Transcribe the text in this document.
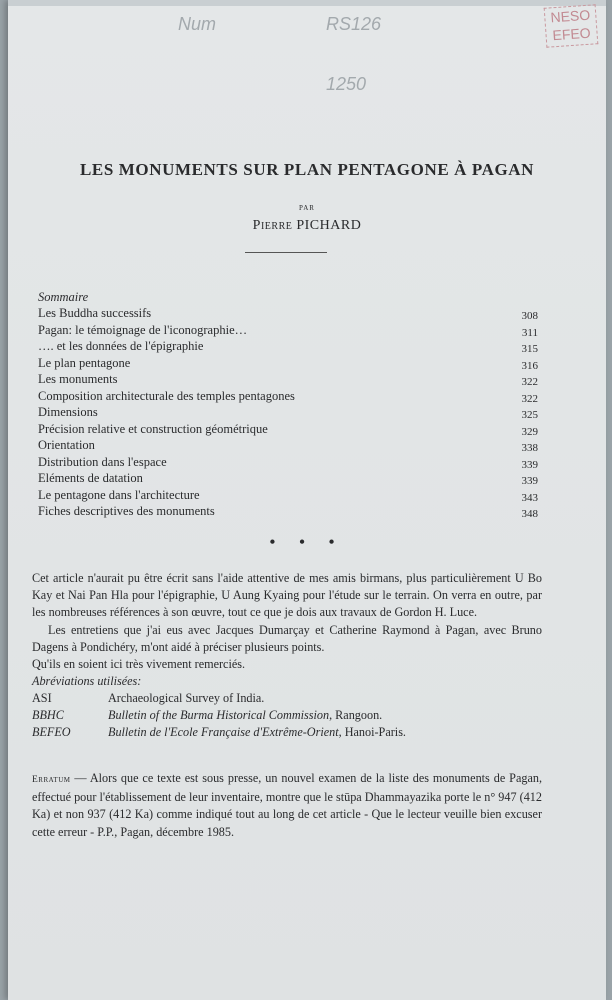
Num	RS126
1250
NESO
EFEO
LES MONUMENTS SUR PLAN PENTAGONE À PAGAN
PAR
Pierre PICHARD
Sommaire
Les Buddha successifs	308
Pagan: le témoignage de l'iconographie…	311
…. et les données de l'épigraphie	315
Le plan pentagone	316
Les monuments	322
Composition architecturale des temples pentagones	322
Dimensions	325
Précision relative et construction géométrique	329
Orientation	338
Distribution dans l'espace	339
Eléments de datation	339
Le pentagone dans l'architecture	343
Fiches descriptives des monuments	348
• • •

Cet article n'aurait pu être écrit sans l'aide attentive de mes amis birmans, plus particulièrement U Bo Kay et Nai Pan Hla pour l'épigraphie, U Aung Kyaing pour l'étude sur le terrain. On verra en outre, par les nombreuses références à son œuvre, tout ce que je dois aux travaux de Gordon H. Luce.

Les entretiens que j'ai eus avec Jacques Dumarçay et Catherine Raymond à Pagan, avec Bruno Dagens à Pondichéry, m'ont aidé à préciser plusieurs points.

Qu'ils en soient ici très vivement remerciés.

Abréviations utilisées:
ASI	Archaeological Survey of India.
BBHC	Bulletin of the Burma Historical Commission, Rangoon.
BEFEO	Bulletin de l'Ecole Française d'Extrême-Orient, Hanoi-Paris.
Erratum — Alors que ce texte est sous presse, un nouvel examen de la liste des monuments de Pagan, effectué pour l'établissement de leur inventaire, montre que le stūpa Dhammayazika porte le n° 947 (412 Ka) et non 937 (412 Ka) comme indiqué tout au long de cet article - Que le lecteur veuille bien excuser cette erreur - P.P., Pagan, décembre 1985.
